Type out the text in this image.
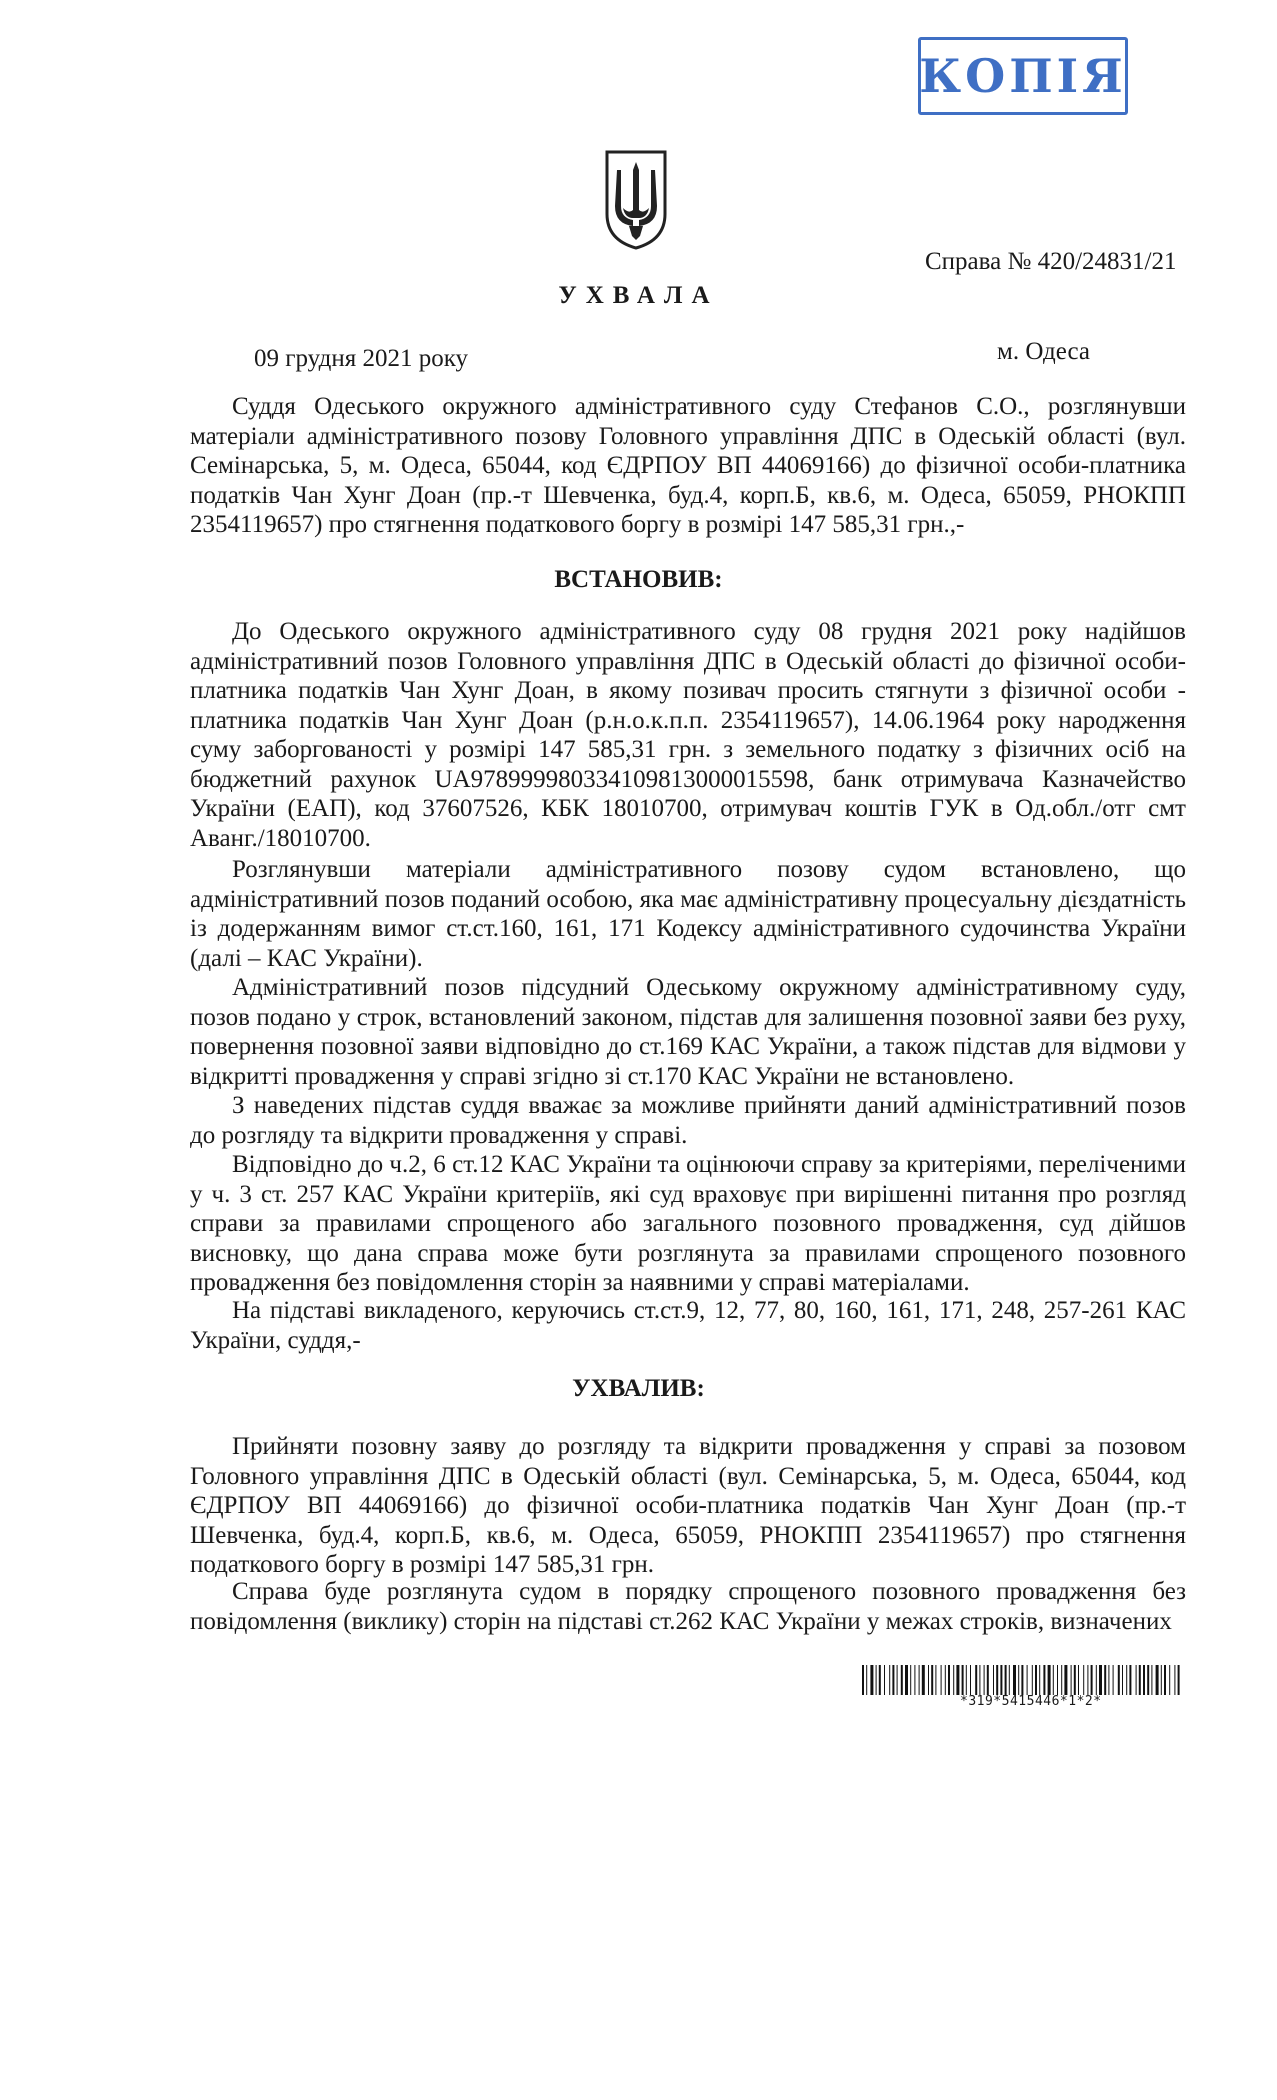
КОПІЯ
Справа № 420/24831/21
УХВАЛА
09 грудня 2021 року	м. Одеса
Суддя Одеського окружного адміністративного суду Стефанов С.О., розглянувши матеріали адміністративного позову Головного управління ДПС в Одеській області (вул. Семінарська, 5, м. Одеса, 65044, код ЄДРПОУ ВП 44069166) до фізичної особи-платника податків Чан Хунг Доан (пр.-т Шевченка, буд.4, корп.Б, кв.6, м. Одеса, 65059, РНОКПП 2354119657) про стягнення податкового боргу в розмірі 147 585,31 грн.,-
ВСТАНОВИВ:
До Одеського окружного адміністративного суду 08 грудня 2021 року надійшов адміністративний позов Головного управління ДПС в Одеській області до фізичної особи-платника податків Чан Хунг Доан, в якому позивач просить стягнути з фізичної особи - платника податків Чан Хунг Доан (р.н.о.к.п.п. 2354119657), 14.06.1964 року народження суму заборгованості у розмірі 147 585,31 грн. з земельного податку з фізичних осіб на бюджетний рахунок UA978999980334109813000015598, банк отримувача Казначейство України (ЕАП), код 37607526, КБК 18010700, отримувач коштів ГУК в Од.обл./отг смт Аванг./18010700.
Розглянувши матеріали адміністративного позову судом встановлено, що адміністративний позов поданий особою, яка має адміністративну процесуальну дієздатність із додержанням вимог ст.ст.160, 161, 171 Кодексу адміністративного судочинства України (далі – КАС України).
Адміністративний позов підсудний Одеському окружному адміністративному суду, позов подано у строк, встановлений законом, підстав для залишення позовної заяви без руху, повернення позовної заяви відповідно до ст.169 КАС України, а також підстав для відмови у відкритті провадження у справі згідно зі ст.170 КАС України не встановлено.
З наведених підстав суддя вважає за можливе прийняти даний адміністративний позов до розгляду та відкрити провадження у справі.
Відповідно до ч.2, 6 ст.12 КАС України та оцінюючи справу за критеріями, переліченими у ч. 3 ст. 257 КАС України критеріїв, які суд враховує при вирішенні питання про розгляд справи за правилами спрощеного або загального позовного провадження, суд дійшов висновку, що дана справа може бути розглянута за правилами спрощеного позовного провадження без повідомлення сторін за наявними у справі матеріалами.
На підставі викладеного, керуючись ст.ст.9, 12, 77, 80, 160, 161, 171, 248, 257-261 КАС України, суддя,-
УХВАЛИВ:
Прийняти позовну заяву до розгляду та відкрити провадження у справі за позовом Головного управління ДПС в Одеській області (вул. Семінарська, 5, м. Одеса, 65044, код ЄДРПОУ ВП 44069166) до фізичної особи-платника податків Чан Хунг Доан (пр.-т Шевченка, буд.4, корп.Б, кв.6, м. Одеса, 65059, РНОКПП 2354119657) про стягнення податкового боргу в розмірі 147 585,31 грн.
Справа буде розглянута судом в порядку спрощеного позовного провадження без повідомлення (виклику) сторін на підставі ст.262 КАС України у межах строків, визначених
*319*5415446*1*2*
